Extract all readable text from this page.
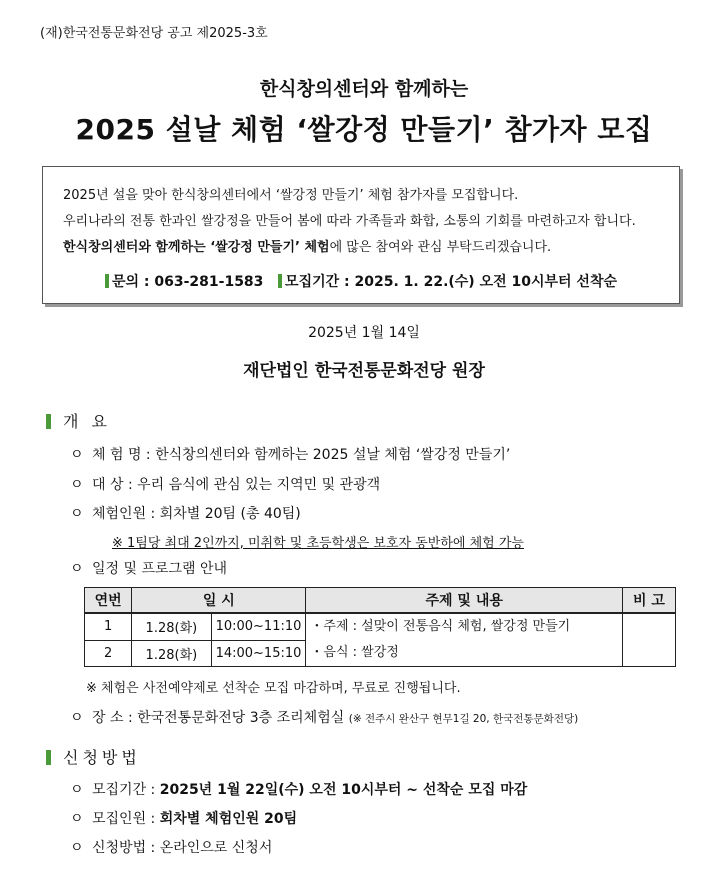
(재)한국전통문화전당 공고 제2025-3호
한식창의센터와 함께하는
2025 설날 체험 ‘쌀강정 만들기’ 참가자 모집
2025년 설을 맞아 한식창의센터에서 ‘쌀강정 만들기’ 체험 참가자를 모집합니다.
우리나라의 전통 한과인 쌀강정을 만들어 봄에 따라 가족들과 화합, 소통의 기회를 마련하고자 합니다.
한식창의센터와 함께하는 ‘쌀강정 만들기’ 체험에 많은 참여와 관심 부탁드리겠습니다.
문의 : 063-281-1583 모집기간 : 2025. 1. 22.(수) 오전 10시부터 선착순
2025년 1월 14일
재단법인 한국전통문화전당 원장
개 요
ㅇ 체 험 명 : 한식창의센터와 함께하는 2025 설날 체험 ‘쌀강정 만들기’
ㅇ 대 상 : 우리 음식에 관심 있는 지역민 및 관광객
ㅇ 체험인원 : 회차별 20팀 (총 40팀)
※ 1팀당 최대 2인까지, 미취학 및 초등학생은 보호자 동반하에 체험 가능
ㅇ 일정 및 프로그램 안내
연번	일 시		주제 및 내용	비 고
1	1.28(화)	10:00~11:10	・주제 : 설맞이 전통음식 체험, 쌀강정 만들기
・음식 : 쌀강정	

2	1.28(화)	14:00~15:10		
※ 체험은 사전예약제로 선착순 모집 마감하며, 무료로 진행됩니다.
ㅇ 장 소 : 한국전통문화전당 3층 조리체험실 (※ 전주시 완산구 현무1길 20, 한국전통문화전당)
신청방법
ㅇ 모집기간 : 2025년 1월 22일(수) 오전 10시부터 ~ 선착순 모집 마감
ㅇ 모집인원 : 회차별 체험인원 20팀
ㅇ 신청방법 : 온라인으로 신청서
